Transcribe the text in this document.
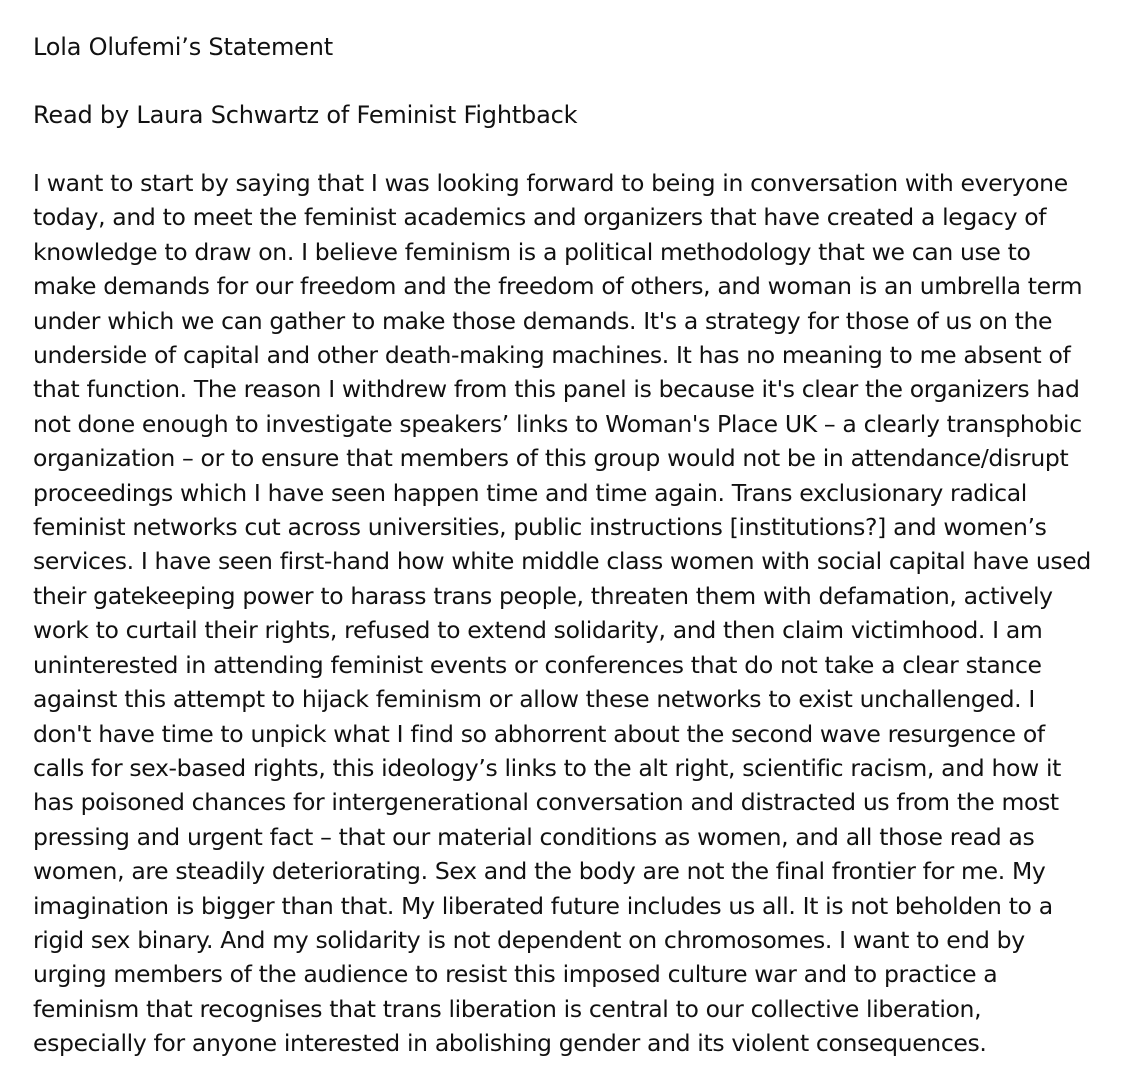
Lola Olufemi’s Statement

Read by Laura Schwartz of Feminist Fightback

I want to start by saying that I was looking forward to being in conversation with everyone
today, and to meet the feminist academics and organizers that have created a legacy of
knowledge to draw on. I believe feminism is a political methodology that we can use to
make demands for our freedom and the freedom of others, and woman is an umbrella term
under which we can gather to make those demands. It's a strategy for those of us on the
underside of capital and other death-making machines. It has no meaning to me absent of
that function. The reason I withdrew from this panel is because it's clear the organizers had
not done enough to investigate speakers’ links to Woman's Place UK – a clearly transphobic
organization – or to ensure that members of this group would not be in attendance/disrupt
proceedings which I have seen happen time and time again. Trans exclusionary radical
feminist networks cut across universities, public instructions [institutions?] and women’s
services. I have seen first-hand how white middle class women with social capital have used
their gatekeeping power to harass trans people, threaten them with defamation, actively
work to curtail their rights, refused to extend solidarity, and then claim victimhood. I am
uninterested in attending feminist events or conferences that do not take a clear stance
against this attempt to hijack feminism or allow these networks to exist unchallenged. I
don't have time to unpick what I find so abhorrent about the second wave resurgence of
calls for sex-based rights, this ideology’s links to the alt right, scientific racism, and how it
has poisoned chances for intergenerational conversation and distracted us from the most
pressing and urgent fact – that our material conditions as women, and all those read as
women, are steadily deteriorating. Sex and the body are not the final frontier for me. My
imagination is bigger than that. My liberated future includes us all. It is not beholden to a
rigid sex binary. And my solidarity is not dependent on chromosomes. I want to end by
urging members of the audience to resist this imposed culture war and to practice a
feminism that recognises that trans liberation is central to our collective liberation,
especially for anyone interested in abolishing gender and its violent consequences.
